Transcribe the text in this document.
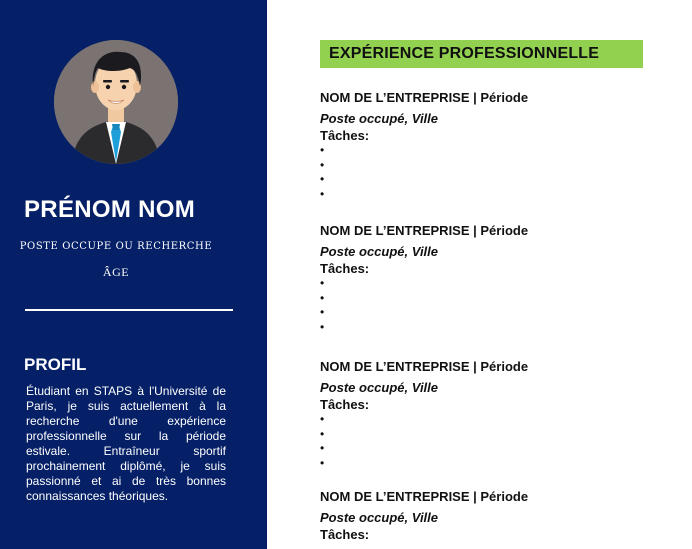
PRÉNOM NOM
POSTE OCCUPE OU RECHERCHE
ÂGE
PROFIL
Étudiant en STAPS à l'Université de Paris, je suis actuellement à la recherche d'une expérience professionnelle sur la période estivale. Entraîneur sportif prochainement diplômé, je suis passionné et ai de très bonnes connaissances théoriques.
EXPÉRIENCE PROFESSIONNELLE
NOM DE L’ENTREPRISE | Période
Poste occupé, Ville
Tâches:
•
•
•
•
NOM DE L’ENTREPRISE | Période
Poste occupé, Ville
Tâches:
•
•
•
•
NOM DE L’ENTREPRISE | Période
Poste occupé, Ville
Tâches:
•
•
•
•
NOM DE L’ENTREPRISE | Période
Poste occupé, Ville
Tâches:
